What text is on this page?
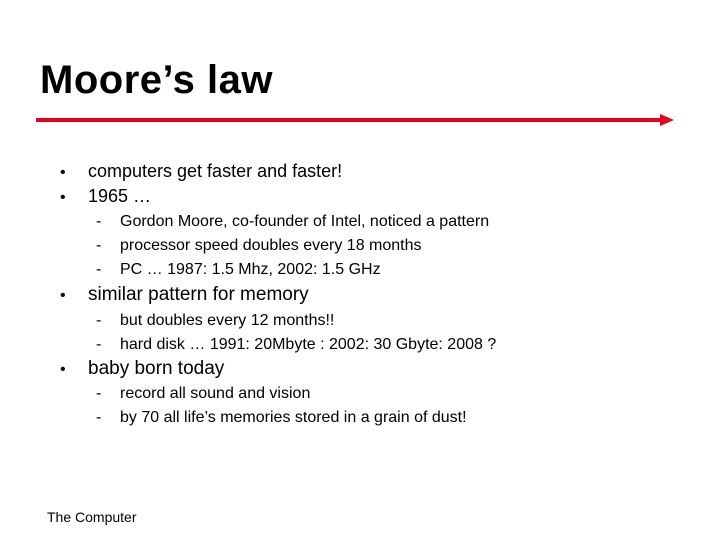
Moore’s law
• computers get faster and faster!
• 1965 …
- Gordon Moore, co-founder of Intel, noticed a pattern
- processor speed doubles every 18 months
- PC … 1987: 1.5 Mhz, 2002: 1.5 GHz
• similar pattern for memory
- but doubles every 12 months!!
- hard disk … 1991: 20Mbyte : 2002: 30 Gbyte: 2008 ?
• baby born today
- record all sound and vision
- by 70 all life’s memories stored in a grain of dust!
The Computer
